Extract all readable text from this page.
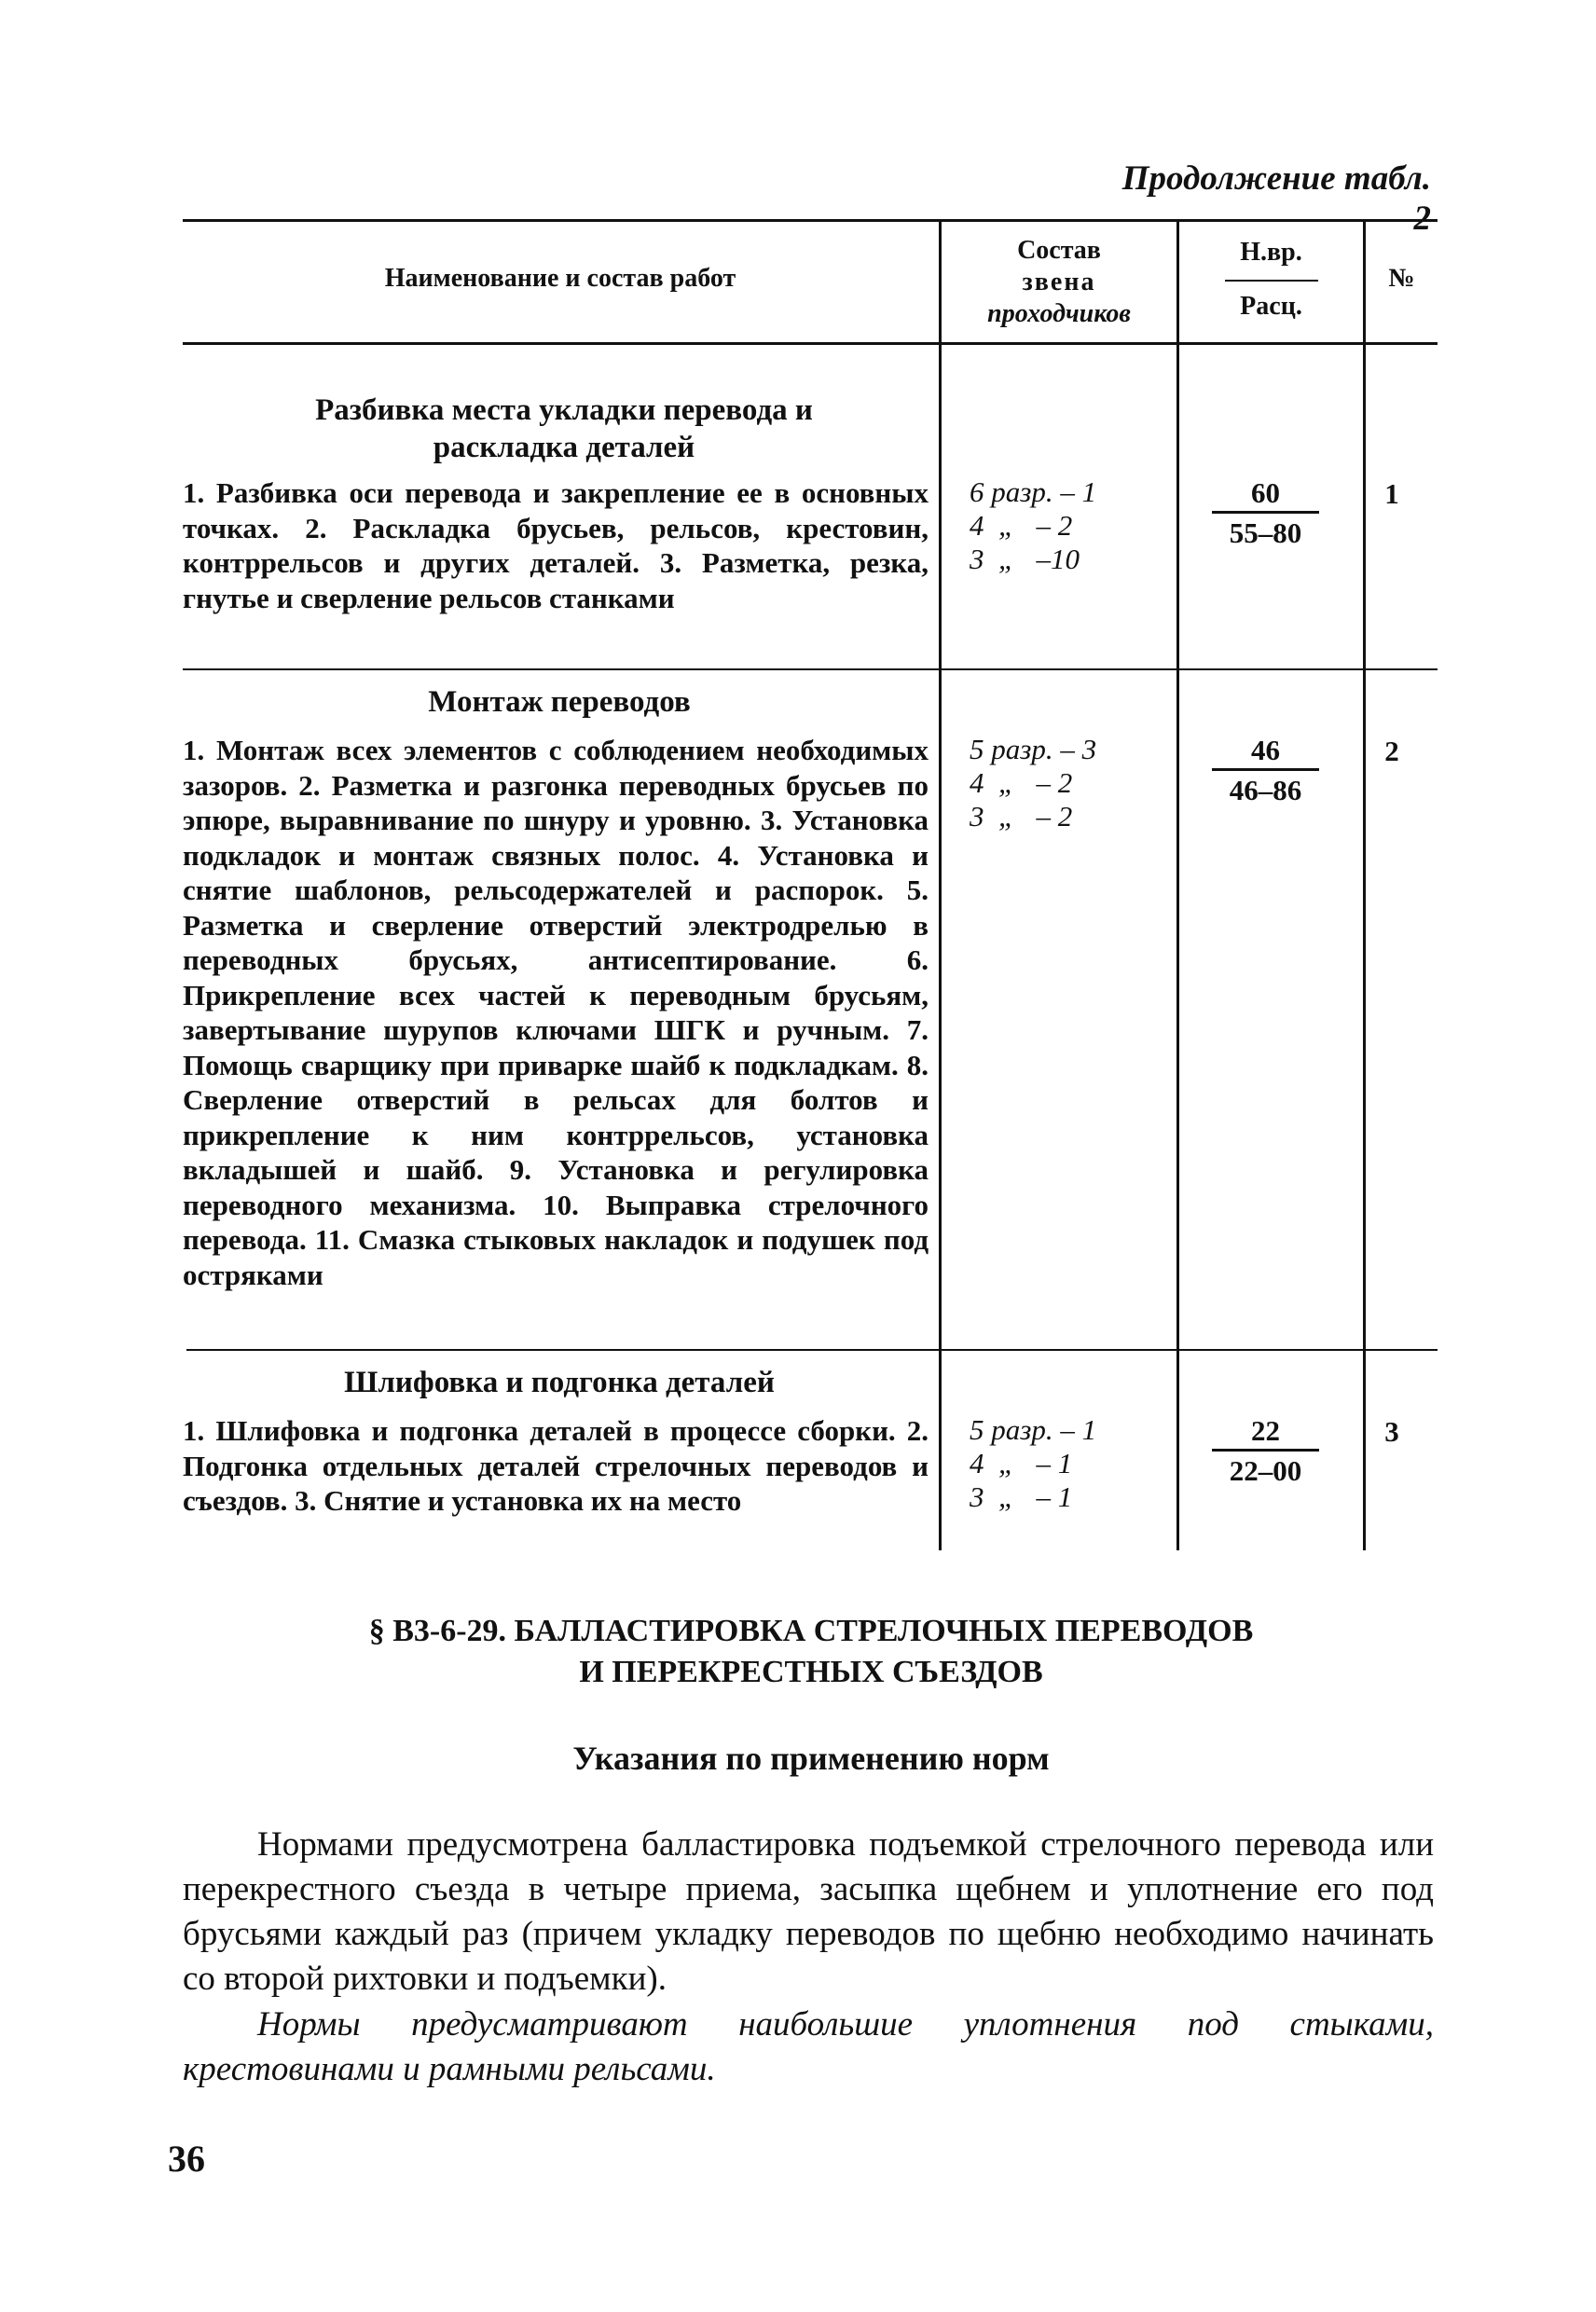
Продолжение табл.
Наименование и состав работ
Состав
звена
проходчиков
Н.вр.
Расц.
№
Разбивка места укладки перевода и раскладка деталей
1. Разбивка оси перевода и закрепление ее в основных точках. 2. Раскладка брусьев, рельсов, крестовин, контррельсов и других деталей. 3. Разметка, резка, гнутье и сверление рельсов станками
6 разр. – 1
4  „   – 2
3  „   –10
60
55–80
1
Монтаж переводов
1. Монтаж всех элементов с соблюдением необходимых зазоров. 2. Разметка и разгонка переводных брусьев по эпюре, выравнивание по шнуру и уровню. 3. Установка подкладок и монтаж связных полос. 4. Установка и снятие шаблонов, рельсодержателей и распорок. 5. Разметка и сверление отверстий электродрелью в переводных брусьях, антисептирование. 6. Прикрепление всех частей к переводным брусьям, завертывание шурупов ключами ШГК и ручным. 7. Помощь сварщику при приварке шайб к подкладкам. 8. Сверление отверстий в рельсах для болтов и прикрепление к ним контррельсов, установка вкладышей и шайб. 9. Установка и регулировка переводного механизма. 10. Выправка стрелочного перевода. 11. Смазка стыковых накладок и подушек под остряками
5 разр. – 3
4  „   – 2
3  „   – 2
46
46–86
2
Шлифовка и подгонка деталей
1. Шлифовка и подгонка деталей в процессе сборки. 2. Подгонка отдельных деталей стрелочных переводов и съездов. 3. Снятие и установка их на место
5 разр. – 1
4  „   – 1
3  „   – 1
22
22–00
3
§ В3-6-29. БАЛЛАСТИРОВКА СТРЕЛОЧНЫХ ПЕРЕВОДОВ
И ПЕРЕКРЕСТНЫХ СЪЕЗДОВ
Указания по применению норм
Нормами предусмотрена балластировка подъемкой стрелочного перевода или перекрестного съезда в четыре приема, засыпка щебнем и уплотнение его под брусьями каждый раз (причем укладку переводов по щебню необходимо начинать со второй рихтовки и подъемки).
Нормы предусматривают наибольшие уплотнения под стыками, крестовинами и рамными рельсами.
36
